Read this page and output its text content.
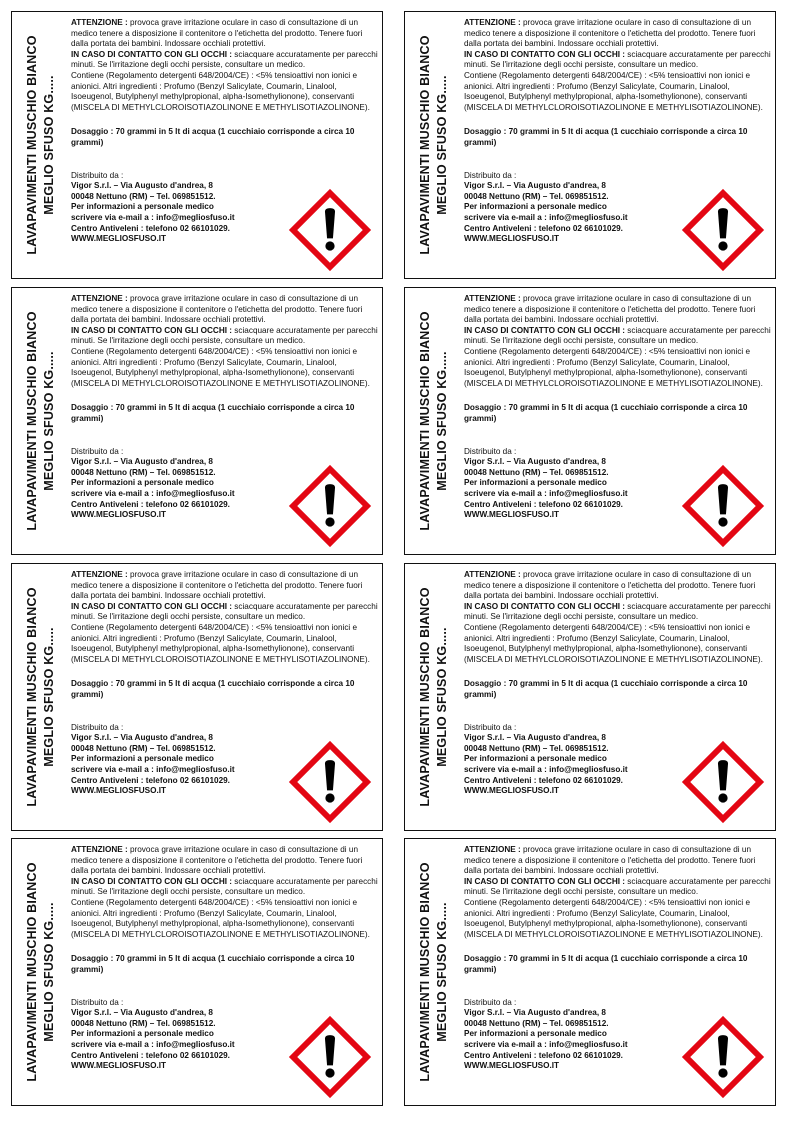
LAVAPAVIMENTI MUSCHIO BIANCO MEGLIO SFUSO KG.....

ATTENZIONE : provoca grave irritazione oculare in caso di consultazione di un medico tenere a disposizione il contenitore o l'etichetta del prodotto. Tenere fuori dalla portata dei bambini. Indossare occhiali protettivi.

IN CASO DI CONTATTO CON GLI OCCHI : sciacquare accuratamente per parecchi minuti. Se l'irritazione degli occhi persiste, consultare un medico.

Contiene (Regolamento detergenti 648/2004/CE) : <5% tensioattivi non ionici e anionici. Altri ingredienti : Profumo (Benzyl Salicylate, Coumarin, Linalool, Isoeugenol, Butylphenyl methylpropional, alpha-Isomethylionone), conservanti (MISCELA DI METHYLCLOROISOTIAZOLINONE E METHYLISOTIAZOLINONE).

Dosaggio : 70 grammi in 5 lt di acqua (1 cucchiaio corrisponde a circa 10 grammi)

Distribuito da :

Vigor S.r.l. – Via Augusto d'andrea, 8

00048 Nettuno (RM) – Tel. 069851512.

Per informazioni a personale medico

scrivere via e-mail a : info@megliosfuso.it

Centro Antiveleni : telefono 02 66101029.

WWW.MEGLIOSFUSO.IT	LAVAPAVIMENTI MUSCHIO BIANCO MEGLIO SFUSO KG.....

ATTENZIONE : provoca grave irritazione oculare in caso di consultazione di un medico tenere a disposizione il contenitore o l'etichetta del prodotto. Tenere fuori dalla portata dei bambini. Indossare occhiali protettivi.

IN CASO DI CONTATTO CON GLI OCCHI : sciacquare accuratamente per parecchi minuti. Se l'irritazione degli occhi persiste, consultare un medico.

Contiene (Regolamento detergenti 648/2004/CE) : <5% tensioattivi non ionici e anionici. Altri ingredienti : Profumo (Benzyl Salicylate, Coumarin, Linalool, Isoeugenol, Butylphenyl methylpropional, alpha-Isomethylionone), conservanti (MISCELA DI METHYLCLOROISOTIAZOLINONE E METHYLISOTIAZOLINONE).

Dosaggio : 70 grammi in 5 lt di acqua (1 cucchiaio corrisponde a circa 10 grammi)

Distribuito da :

Vigor S.r.l. – Via Augusto d'andrea, 8

00048 Nettuno (RM) – Tel. 069851512.

Per informazioni a personale medico

scrivere via e-mail a : info@megliosfuso.it

Centro Antiveleni : telefono 02 66101029.

WWW.MEGLIOSFUSO.IT

LAVAPAVIMENTI MUSCHIO BIANCO MEGLIO SFUSO KG.....

ATTENZIONE : provoca grave irritazione oculare in caso di consultazione di un medico tenere a disposizione il contenitore o l'etichetta del prodotto. Tenere fuori dalla portata dei bambini. Indossare occhiali protettivi.

IN CASO DI CONTATTO CON GLI OCCHI : sciacquare accuratamente per parecchi minuti. Se l'irritazione degli occhi persiste, consultare un medico.

Contiene (Regolamento detergenti 648/2004/CE) : <5% tensioattivi non ionici e anionici. Altri ingredienti : Profumo (Benzyl Salicylate, Coumarin, Linalool, Isoeugenol, Butylphenyl methylpropional, alpha-Isomethylionone), conservanti (MISCELA DI METHYLCLOROISOTIAZOLINONE E METHYLISOTIAZOLINONE).

Dosaggio : 70 grammi in 5 lt di acqua (1 cucchiaio corrisponde a circa 10 grammi)

Distribuito da :

Vigor S.r.l. – Via Augusto d'andrea, 8

00048 Nettuno (RM) – Tel. 069851512.

Per informazioni a personale medico

scrivere via e-mail a : info@megliosfuso.it

Centro Antiveleni : telefono 02 66101029.

WWW.MEGLIOSFUSO.IT	LAVAPAVIMENTI MUSCHIO BIANCO MEGLIO SFUSO KG.....

ATTENZIONE : provoca grave irritazione oculare in caso di consultazione di un medico tenere a disposizione il contenitore o l'etichetta del prodotto. Tenere fuori dalla portata dei bambini. Indossare occhiali protettivi.

IN CASO DI CONTATTO CON GLI OCCHI : sciacquare accuratamente per parecchi minuti. Se l'irritazione degli occhi persiste, consultare un medico.

Contiene (Regolamento detergenti 648/2004/CE) : <5% tensioattivi non ionici e anionici. Altri ingredienti : Profumo (Benzyl Salicylate, Coumarin, Linalool, Isoeugenol, Butylphenyl methylpropional, alpha-Isomethylionone), conservanti (MISCELA DI METHYLCLOROISOTIAZOLINONE E METHYLISOTIAZOLINONE).

Dosaggio : 70 grammi in 5 lt di acqua (1 cucchiaio corrisponde a circa 10 grammi)

Distribuito da :

Vigor S.r.l. – Via Augusto d'andrea, 8

00048 Nettuno (RM) – Tel. 069851512.

Per informazioni a personale medico

scrivere via e-mail a : info@megliosfuso.it

Centro Antiveleni : telefono 02 66101029.

WWW.MEGLIOSFUSO.IT

LAVAPAVIMENTI MUSCHIO BIANCO MEGLIO SFUSO KG.....

ATTENZIONE : provoca grave irritazione oculare in caso di consultazione di un medico tenere a disposizione il contenitore o l'etichetta del prodotto. Tenere fuori dalla portata dei bambini. Indossare occhiali protettivi.

IN CASO DI CONTATTO CON GLI OCCHI : sciacquare accuratamente per parecchi minuti. Se l'irritazione degli occhi persiste, consultare un medico.

Contiene (Regolamento detergenti 648/2004/CE) : <5% tensioattivi non ionici e anionici. Altri ingredienti : Profumo (Benzyl Salicylate, Coumarin, Linalool, Isoeugenol, Butylphenyl methylpropional, alpha-Isomethylionone), conservanti (MISCELA DI METHYLCLOROISOTIAZOLINONE E METHYLISOTIAZOLINONE).

Dosaggio : 70 grammi in 5 lt di acqua (1 cucchiaio corrisponde a circa 10 grammi)

Distribuito da :

Vigor S.r.l. – Via Augusto d'andrea, 8

00048 Nettuno (RM) – Tel. 069851512.

Per informazioni a personale medico

scrivere via e-mail a : info@megliosfuso.it

Centro Antiveleni : telefono 02 66101029.

WWW.MEGLIOSFUSO.IT	LAVAPAVIMENTI MUSCHIO BIANCO MEGLIO SFUSO KG.....

ATTENZIONE : provoca grave irritazione oculare in caso di consultazione di un medico tenere a disposizione il contenitore o l'etichetta del prodotto. Tenere fuori dalla portata dei bambini. Indossare occhiali protettivi.

IN CASO DI CONTATTO CON GLI OCCHI : sciacquare accuratamente per parecchi minuti. Se l'irritazione degli occhi persiste, consultare un medico.

Contiene (Regolamento detergenti 648/2004/CE) : <5% tensioattivi non ionici e anionici. Altri ingredienti : Profumo (Benzyl Salicylate, Coumarin, Linalool, Isoeugenol, Butylphenyl methylpropional, alpha-Isomethylionone), conservanti (MISCELA DI METHYLCLOROISOTIAZOLINONE E METHYLISOTIAZOLINONE).

Dosaggio : 70 grammi in 5 lt di acqua (1 cucchiaio corrisponde a circa 10 grammi)

Distribuito da :

Vigor S.r.l. – Via Augusto d'andrea, 8

00048 Nettuno (RM) – Tel. 069851512.

Per informazioni a personale medico

scrivere via e-mail a : info@megliosfuso.it

Centro Antiveleni : telefono 02 66101029.

WWW.MEGLIOSFUSO.IT

LAVAPAVIMENTI MUSCHIO BIANCO MEGLIO SFUSO KG.....

ATTENZIONE : provoca grave irritazione oculare in caso di consultazione di un medico tenere a disposizione il contenitore o l'etichetta del prodotto. Tenere fuori dalla portata dei bambini. Indossare occhiali protettivi.

IN CASO DI CONTATTO CON GLI OCCHI : sciacquare accuratamente per parecchi minuti. Se l'irritazione degli occhi persiste, consultare un medico.

Contiene (Regolamento detergenti 648/2004/CE) : <5% tensioattivi non ionici e anionici. Altri ingredienti : Profumo (Benzyl Salicylate, Coumarin, Linalool, Isoeugenol, Butylphenyl methylpropional, alpha-Isomethylionone), conservanti (MISCELA DI METHYLCLOROISOTIAZOLINONE E METHYLISOTIAZOLINONE).

Dosaggio : 70 grammi in 5 lt di acqua (1 cucchiaio corrisponde a circa 10 grammi)

Distribuito da :

Vigor S.r.l. – Via Augusto d'andrea, 8

00048 Nettuno (RM) – Tel. 069851512.

Per informazioni a personale medico

scrivere via e-mail a : info@megliosfuso.it

Centro Antiveleni : telefono 02 66101029.

WWW.MEGLIOSFUSO.IT	LAVAPAVIMENTI MUSCHIO BIANCO MEGLIO SFUSO KG.....

ATTENZIONE : provoca grave irritazione oculare in caso di consultazione di un medico tenere a disposizione il contenitore o l'etichetta del prodotto. Tenere fuori dalla portata dei bambini. Indossare occhiali protettivi.

IN CASO DI CONTATTO CON GLI OCCHI : sciacquare accuratamente per parecchi minuti. Se l'irritazione degli occhi persiste, consultare un medico.

Contiene (Regolamento detergenti 648/2004/CE) : <5% tensioattivi non ionici e anionici. Altri ingredienti : Profumo (Benzyl Salicylate, Coumarin, Linalool, Isoeugenol, Butylphenyl methylpropional, alpha-Isomethylionone), conservanti (MISCELA DI METHYLCLOROISOTIAZOLINONE E METHYLISOTIAZOLINONE).

Dosaggio : 70 grammi in 5 lt di acqua (1 cucchiaio corrisponde a circa 10 grammi)

Distribuito da :

Vigor S.r.l. – Via Augusto d'andrea, 8

00048 Nettuno (RM) – Tel. 069851512.

Per informazioni a personale medico

scrivere via e-mail a : info@megliosfuso.it

Centro Antiveleni : telefono 02 66101029.

WWW.MEGLIOSFUSO.IT
